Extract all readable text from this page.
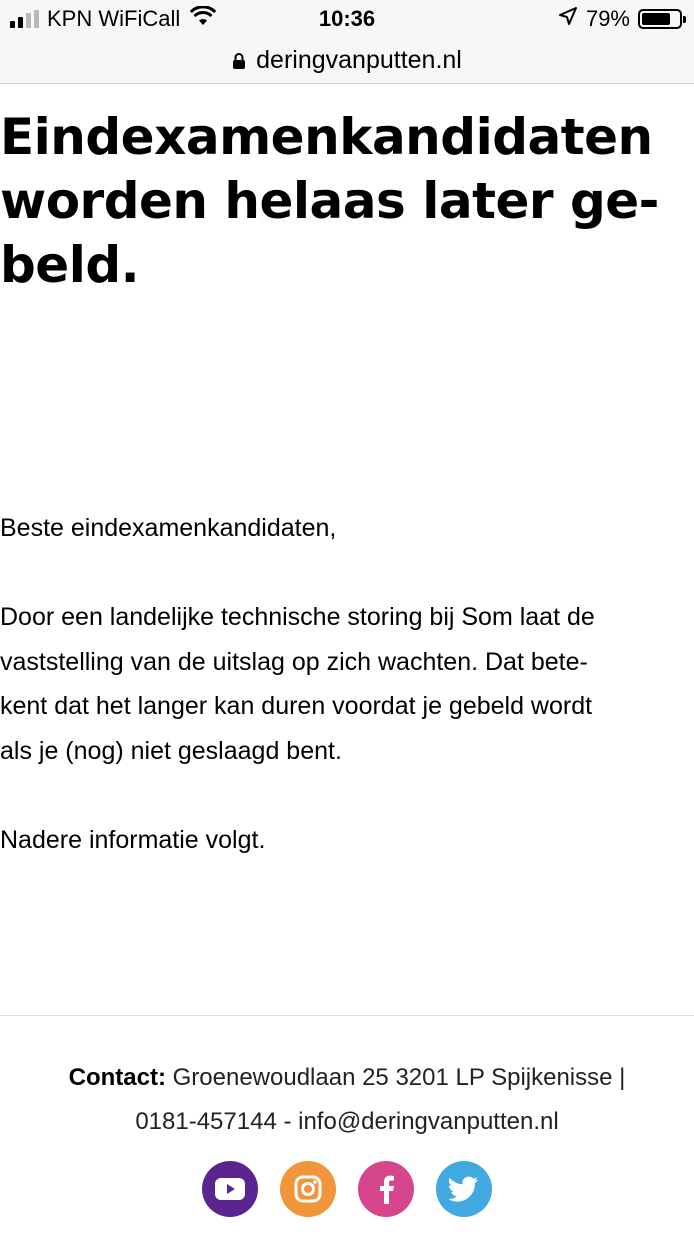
KPN WiFiCall	10:36	79%
deringvanputten.nl
Eindexamenkandidaten
worden helaas later ge-
beld.

Beste eindexamenkandidaten,

Door een landelijke technische storing bij Som laat de
vaststelling van de uitslag op zich wachten. Dat bete-
kent dat het langer kan duren voordat je gebeld wordt
als je (nog) niet geslaagd bent.

Nadere informatie volgt.

Contact: Groenewoudlaan 25 3201 LP Spijkenisse |
0181-457144 - info@deringvanputten.nl
